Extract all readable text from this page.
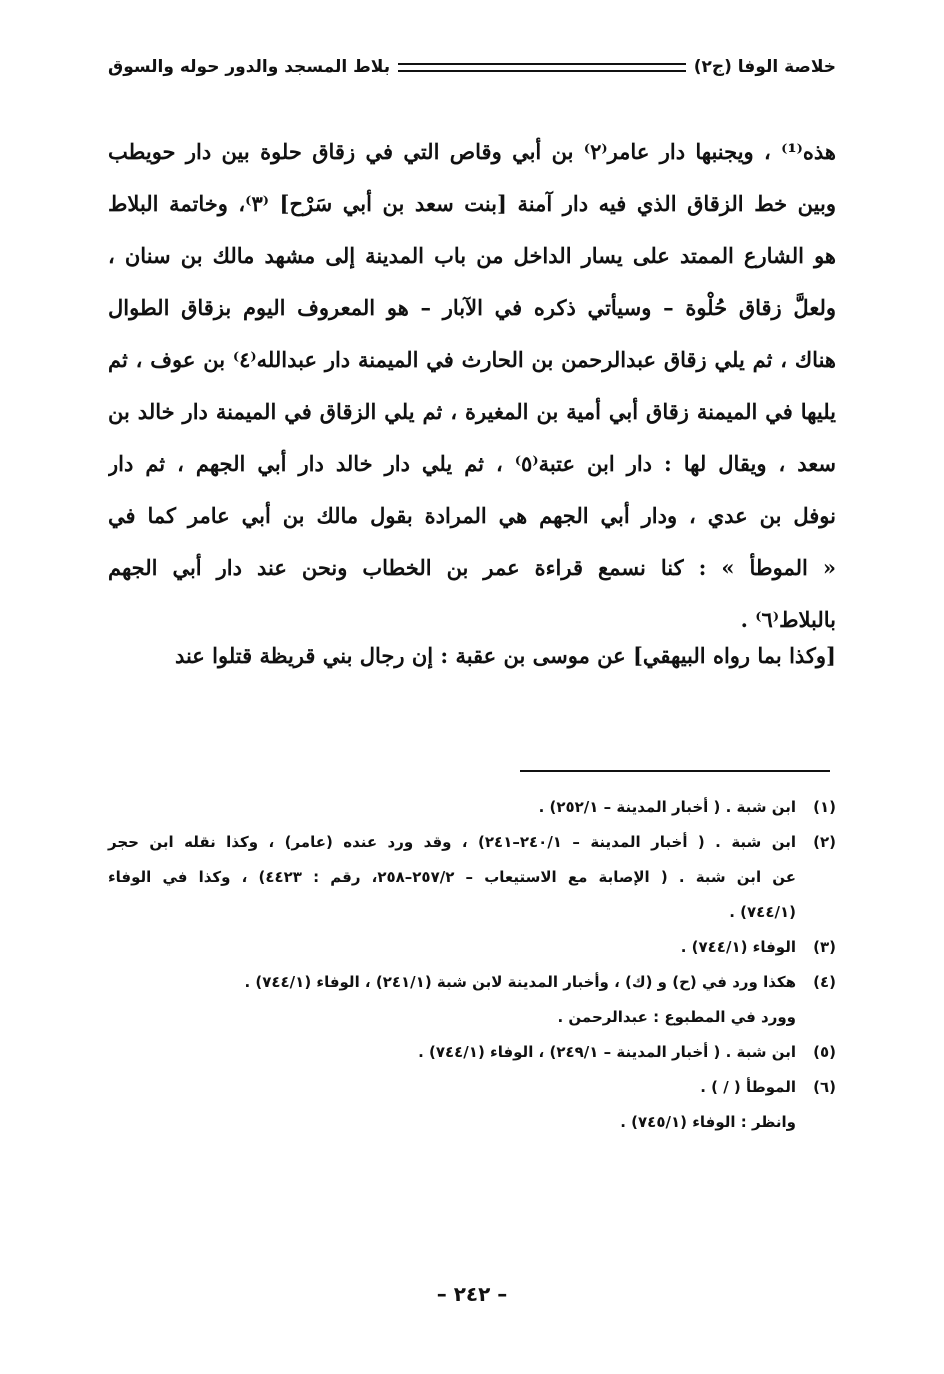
خلاصة الوفا (ج٢)
بلاط المسجد والدور حوله والسوق
هذه⁽¹⁾ ، ويجنبها دار عامر⁽٢⁾ بن أبي وقاص التي في زقاق حلوة بين دار حويطب
وبين خط الزقاق الذي فيه دار آمنة [بنت سعد بن أبي سَرْح] ⁽٣⁾، وخاتمة البلاط
هو الشارع الممتد على يسار الداخل من باب المدينة إلى مشهد مالك بن سنان ،
ولعلَّ زقاق حُلْوة – وسيأتي ذكره في الآبار – هو المعروف اليوم بزقاق الطوال
هناك ، ثم يلي زقاق عبدالرحمن بن الحارث في الميمنة دار عبدالله⁽٤⁾ بن عوف ، ثم
يليها في الميمنة زقاق أبي أمية بن المغيرة ، ثم يلي الزقاق في الميمنة دار خالد بن
سعد ، ويقال لها : دار ابن عتبة⁽٥⁾ ، ثم يلي دار خالد دار أبي الجهم ، ثم دار
نوفل بن عدي ، ودار أبي الجهم هي المرادة بقول مالك بن أبي عامر كما في
« الموطأ » : كنا نسمع قراءة عمر بن الخطاب ونحن عند دار أبي الجهم
بالبلاط⁽٦⁾ .
[وكذا بما رواه البيهقي] عن موسى بن عقبة : إن رجال بني قريظة قتلوا عند
(١)
ابن شبة . ( أخبار المدينة – ٢٥٢/١) .
(٢)
ابن شبة . ( أخبار المدينة – ٢٤٠/١–٢٤١) ، وقد ورد عنده (عامر) ، وكذا نقله ابن حجر
عن ابن شبة . ( الإصابة مع الاستيعاب – ٢٥٧/٢–٢٥٨، رقم : ٤٤٢٣) ، وكذا في الوفاء
(٧٤٤/١) .
(٣)
الوفاء (٧٤٤/١) .
(٤)
هكذا ورد في (ح) و (ك) ، وأخبار المدينة لابن شبة (٢٤١/١) ، الوفاء (٧٤٤/١) .
وورد في المطبوع : عبدالرحمن .
(٥)
ابن شبة . ( أخبار المدينة – ٢٤٩/١) ، الوفاء (٧٤٤/١) .
(٦)
الموطأ ( / ) .
وانظر : الوفاء (٧٤٥/١) .
– ٢٤٢ –
